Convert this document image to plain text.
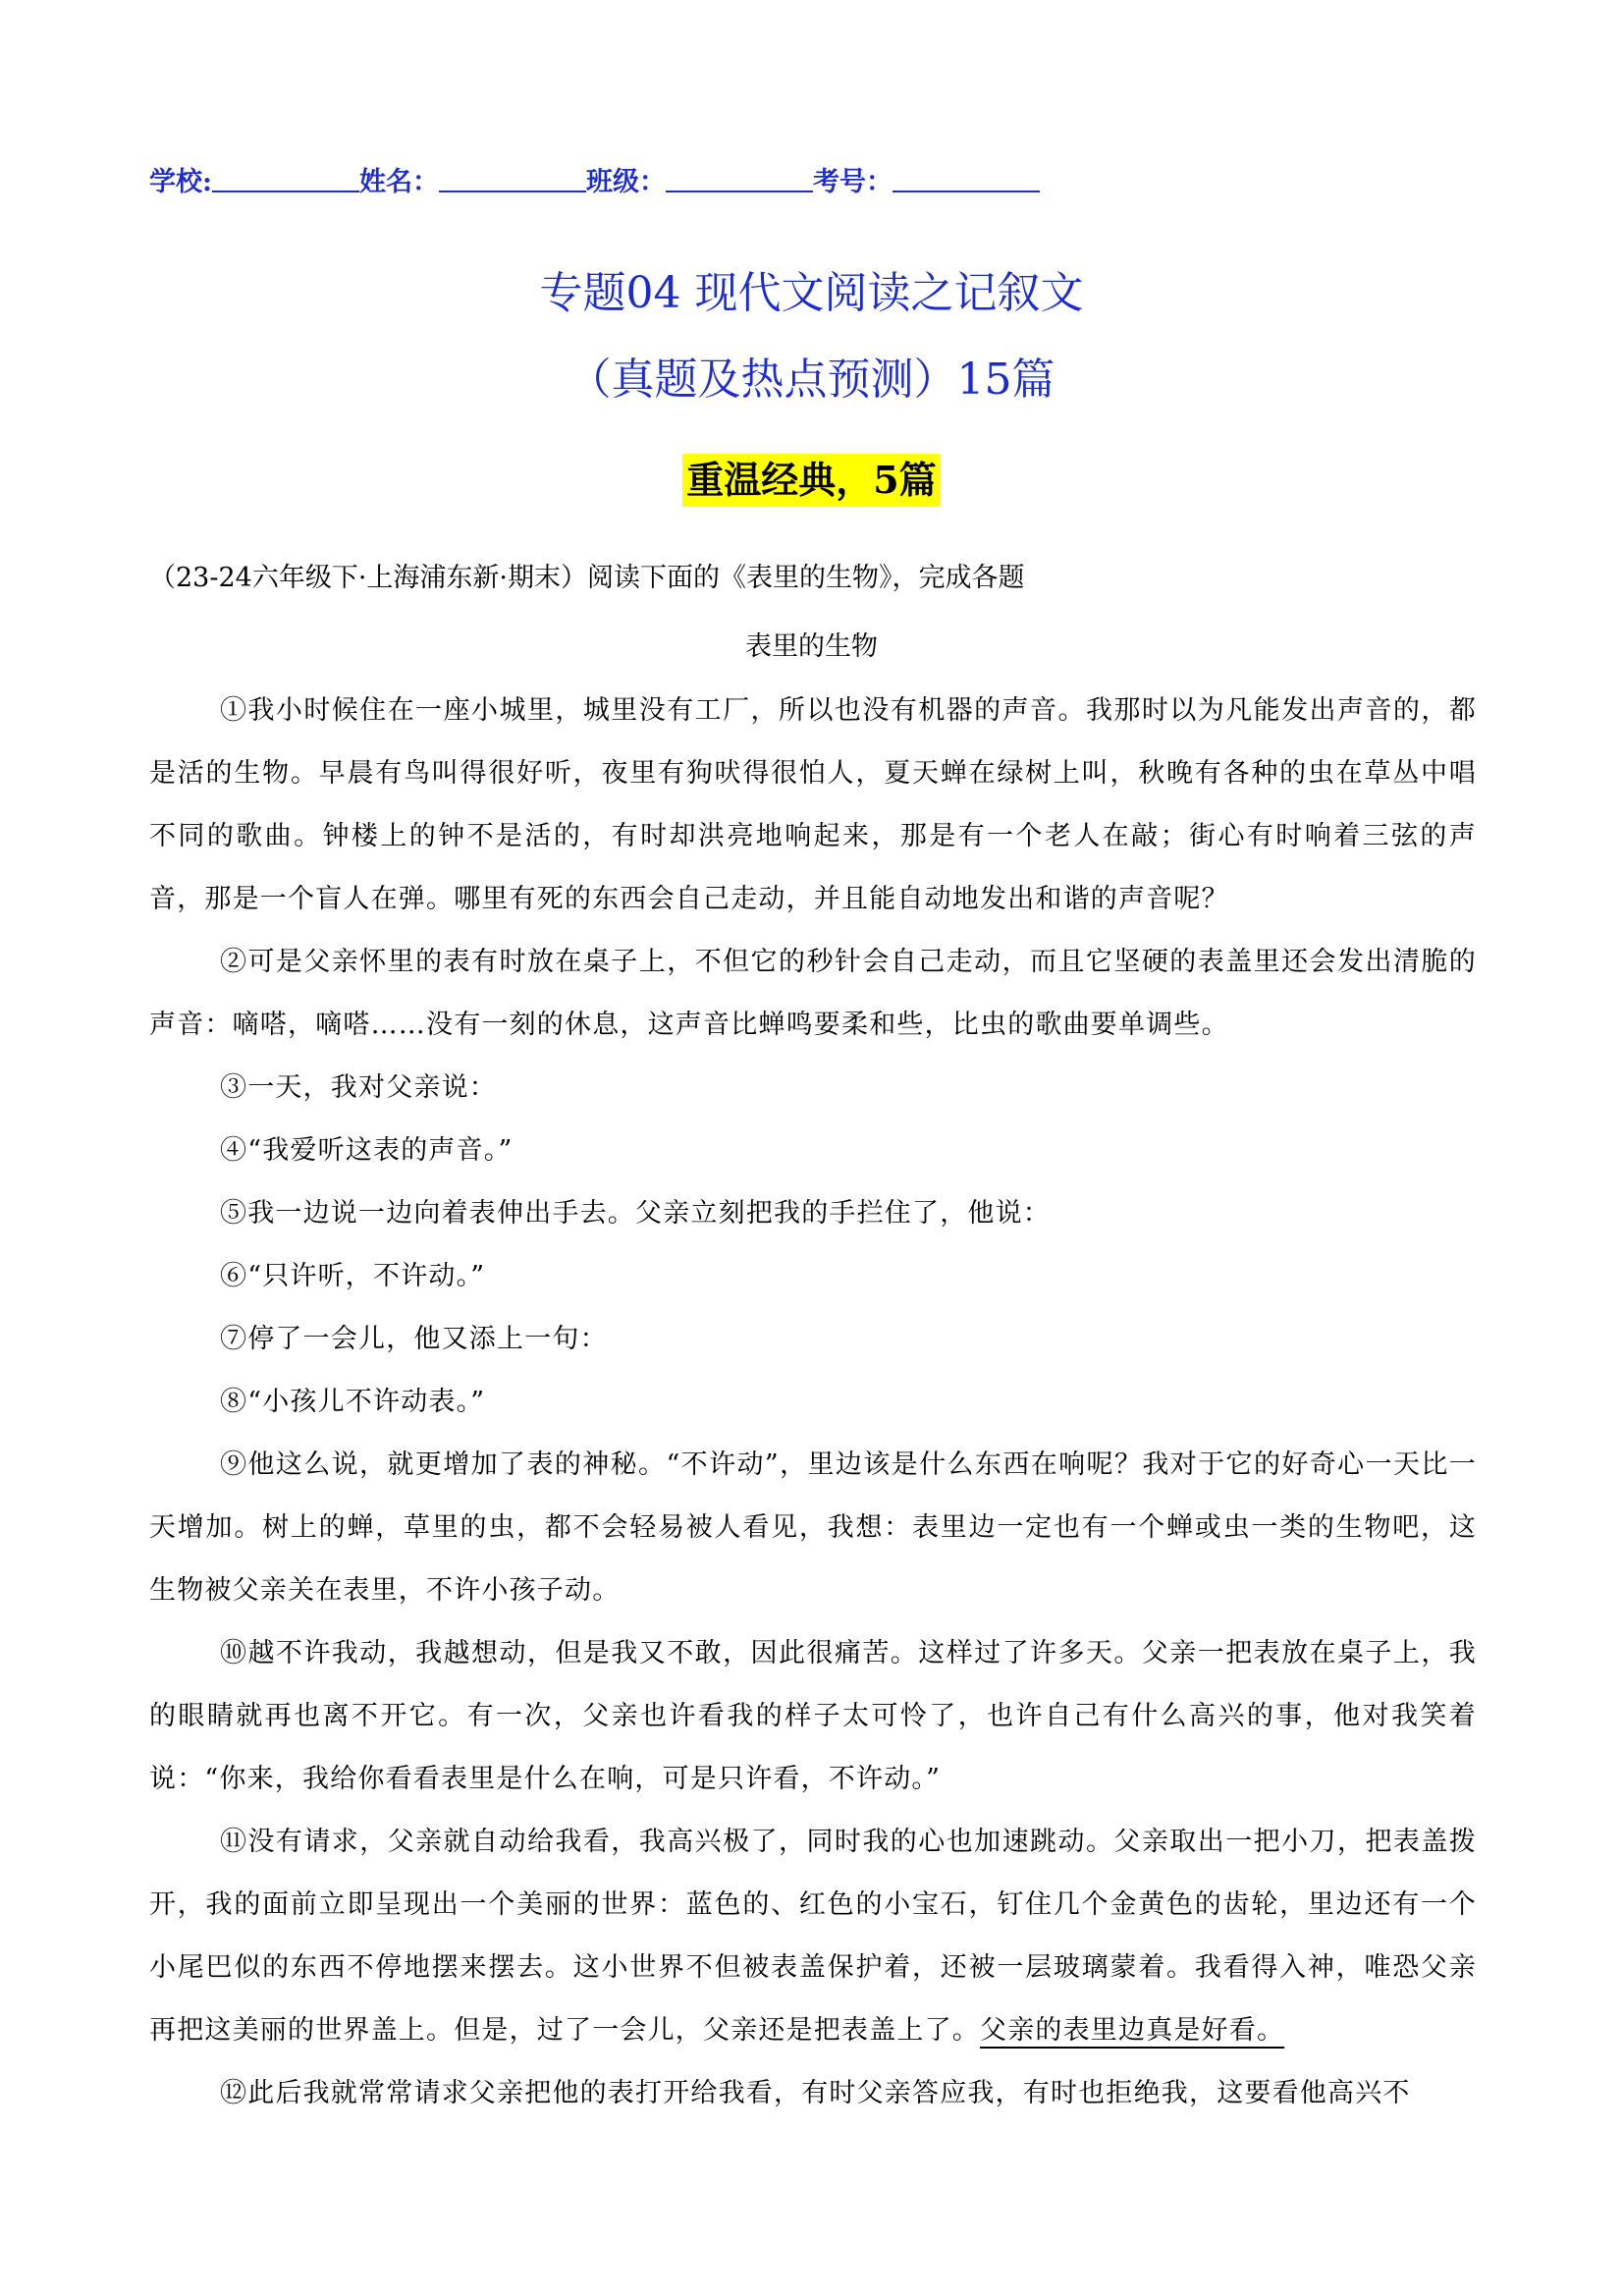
学校:	姓名：	班级：	考号：
专题04 现代文阅读之记叙文
（真题及热点预测）15篇
重温经典，5篇
（23-24六年级下·上海浦东新·期末）阅读下面的《表里的生物》，完成各题
表里的生物

①我小时候住在一座小城里，城里没有工厂，所以也没有机器的声音。我那时以为凡能发出声音的，都是活的生物。早晨有鸟叫得很好听，夜里有狗吠得很怕人，夏天蝉在绿树上叫，秋晚有各种的虫在草丛中唱不同的歌曲。钟楼上的钟不是活的，有时却洪亮地响起来，那是有一个老人在敲；街心有时响着三弦的声音，那是一个盲人在弹。哪里有死的东西会自己走动，并且能自动地发出和谐的声音呢？

②可是父亲怀里的表有时放在桌子上，不但它的秒针会自己走动，而且它坚硬的表盖里还会发出清脆的声音：嘀嗒，嘀嗒……没有一刻的休息，这声音比蝉鸣要柔和些，比虫的歌曲要单调些。

③一天，我对父亲说：

④“我爱听这表的声音。”

⑤我一边说一边向着表伸出手去。父亲立刻把我的手拦住了，他说：

⑥“只许听，不许动。”

⑦停了一会儿，他又添上一句：

⑧“小孩儿不许动表。”

⑨他这么说，就更增加了表的神秘。“不许动”，里边该是什么东西在响呢？我对于它的好奇心一天比一天增加。树上的蝉，草里的虫，都不会轻易被人看见，我想：表里边一定也有一个蝉或虫一类的生物吧，这生物被父亲关在表里，不许小孩子动。

⑩越不许我动，我越想动，但是我又不敢，因此很痛苦。这样过了许多天。父亲一把表放在桌子上，我的眼睛就再也离不开它。有一次，父亲也许看我的样子太可怜了，也许自己有什么高兴的事，他对我笑着说：“你来，我给你看看表里是什么在响，可是只许看，不许动。”

⑪没有请求，父亲就自动给我看，我高兴极了，同时我的心也加速跳动。父亲取出一把小刀，把表盖拨开，我的面前立即呈现出一个美丽的世界：蓝色的、红色的小宝石，钉住几个金黄色的齿轮，里边还有一个小尾巴似的东西不停地摆来摆去。这小世界不但被表盖保护着，还被一层玻璃蒙着。我看得入神，唯恐父亲再把这美丽的世界盖上。但是，过了一会儿，父亲还是把表盖上了。父亲的表里边真是好看。

⑫此后我就常常请求父亲把他的表打开给我看，有时父亲答应我，有时也拒绝我，这要看他高兴不
